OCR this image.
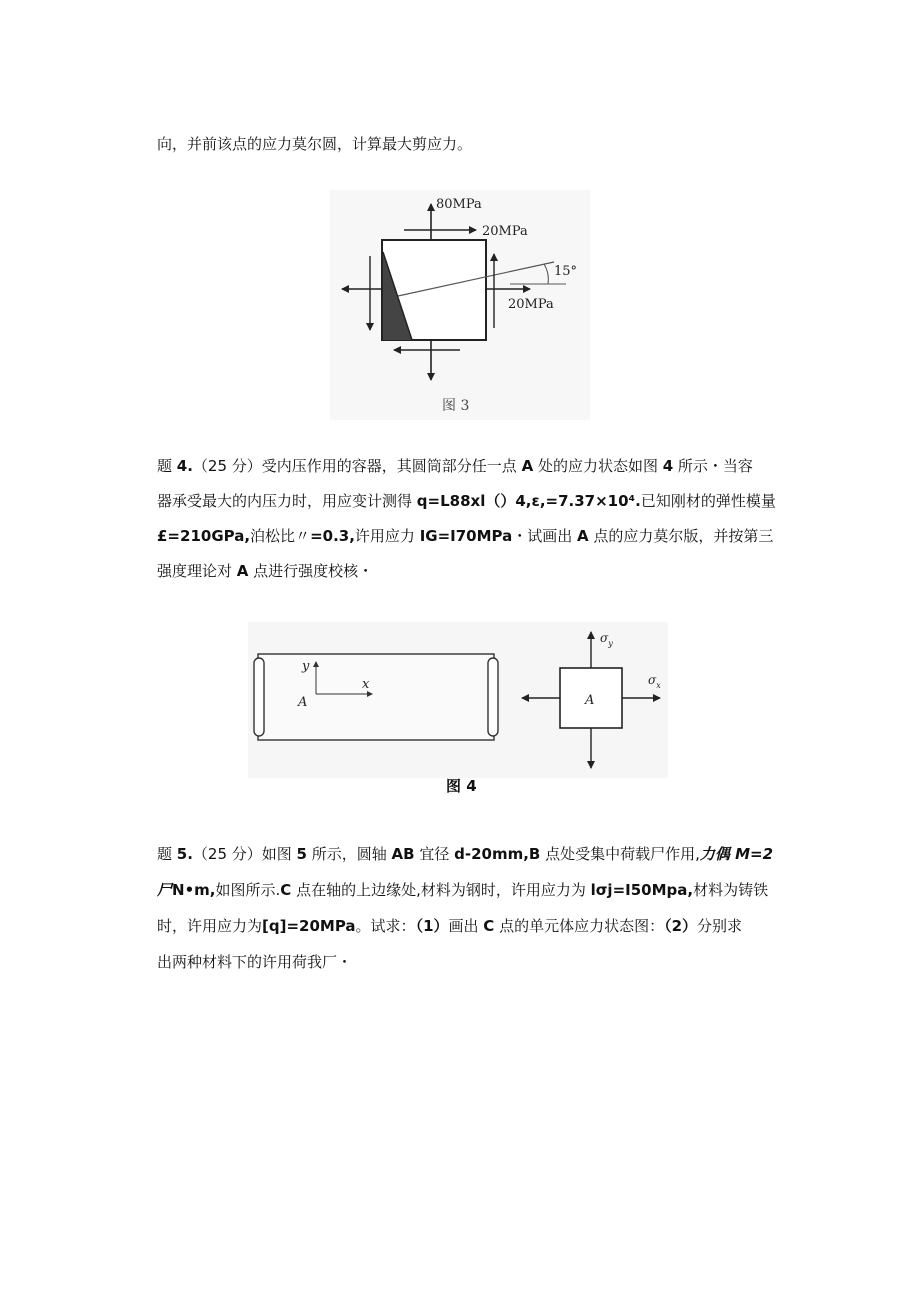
向，并前该点的应力莫尔圆，计算最大剪应力。

80MPa
20MPa
15°
20MPa
图 3

题 4.（25 分）受内压作用的容器，其圆筒部分任一点 A 处的应力状态如图 4 所示・当容

器承受最大的内压力时，用应变计测得 q=L88xl（）4,ε,=7.37×10⁴.已知刚材的弹性模量

£=210GPa,泊松比〃=0.3,许用应力 IG=I70MPa・试画出 A 点的应力莫尔版，并按第三

强度理论对 A 点进行强度校核・

y
x
A	A
$\sigma_y$
$\sigma_x$
图 4

题 5.（25 分）如图 5 所示，圆轴 AB 宜径 d-20mm,B 点处受集中荷载尸作用,力偶 M=2

尸N•m,如图所示.C 点在轴的上边缘处,材料为钢时，许用应力为 lσj=I50Mpa,材料为铸铁

时，许用应力为[q]=20MPa。试求：（1）画出 C 点的单元体应力状态图：（2）分别求

出两种材料下的许用荷我厂・
